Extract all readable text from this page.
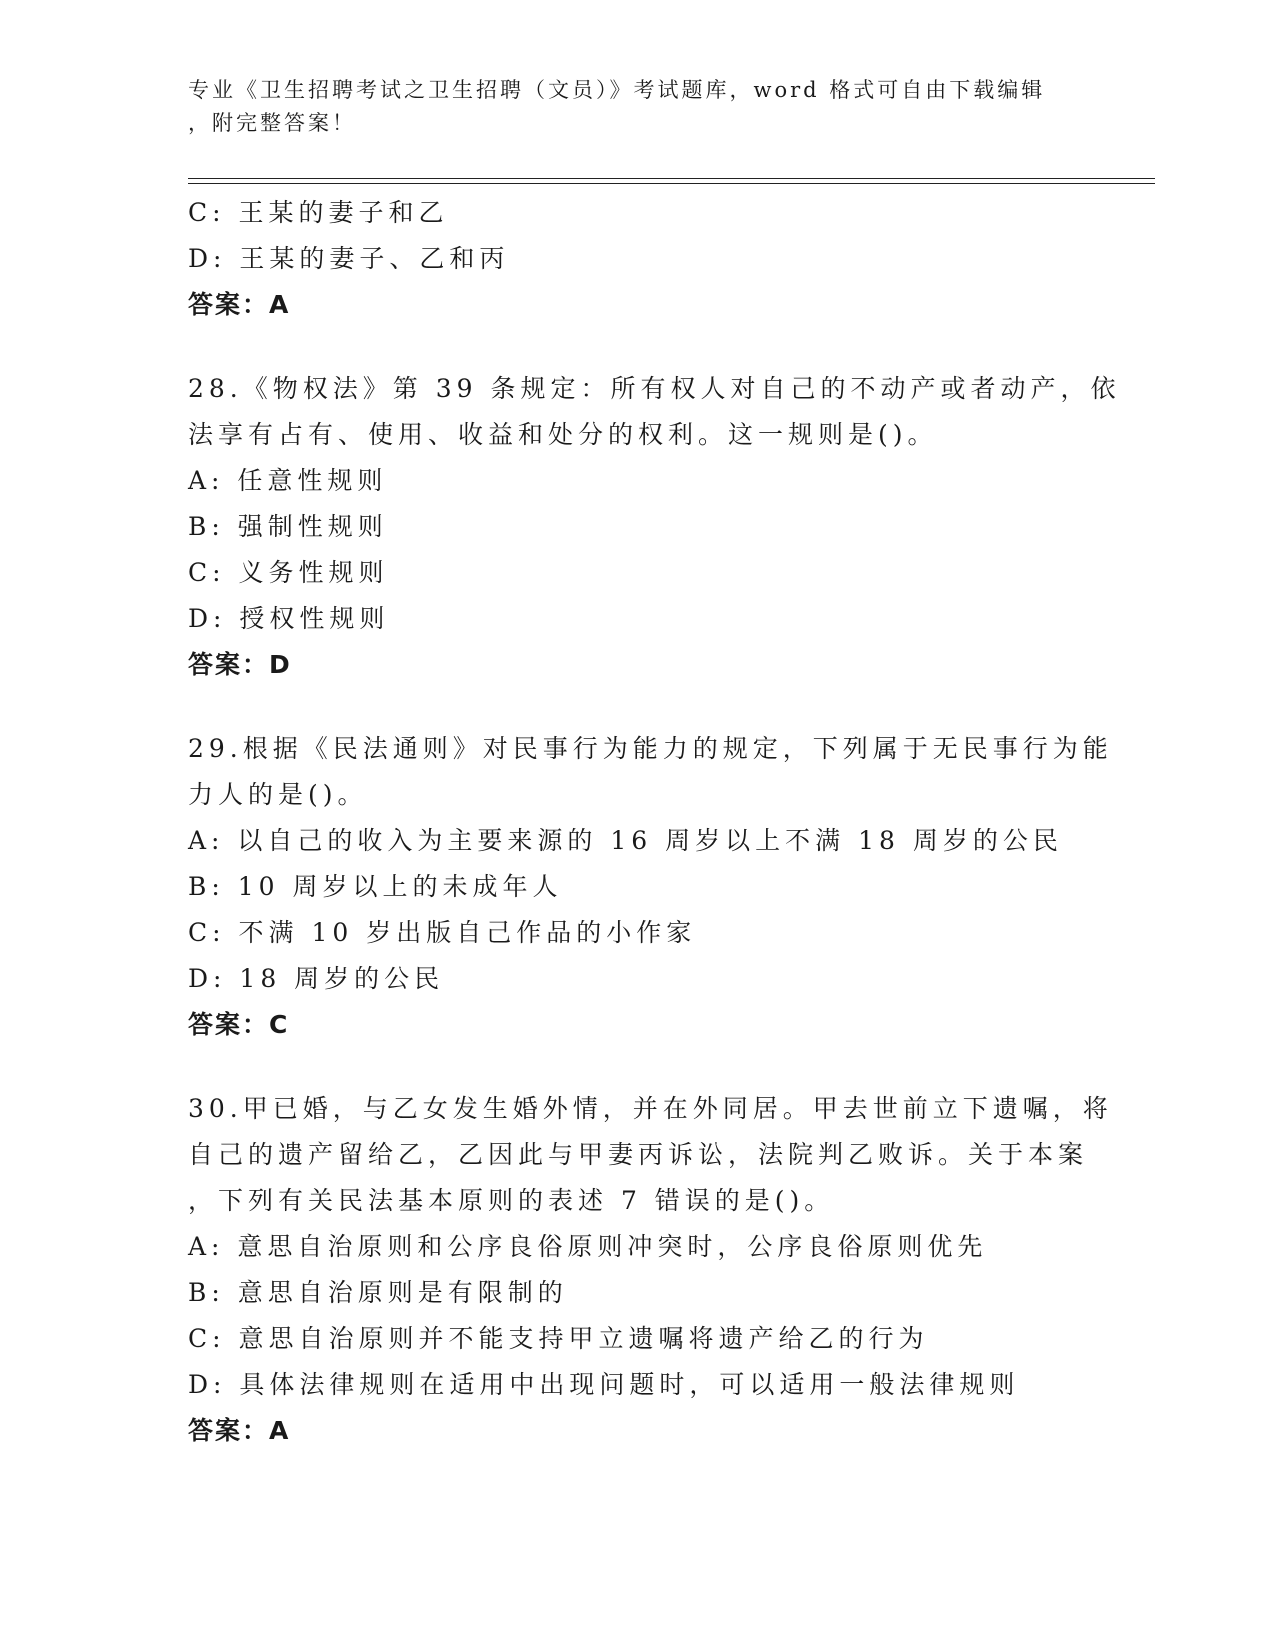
专业《卫生招聘考试之卫生招聘（文员）》考试题库，word 格式可自由下载编辑
，附完整答案！
C: 王某的妻子和乙
D: 王某的妻子、乙和丙
答案：A
28.《物权法》第 39 条规定：所有权人对自己的不动产或者动产，依
法享有占有、使用、收益和处分的权利。这一规则是()。
A: 任意性规则
B: 强制性规则
C: 义务性规则
D: 授权性规则
答案：D
29.根据《民法通则》对民事行为能力的规定，下列属于无民事行为能
力人的是()。
A: 以自己的收入为主要来源的 16 周岁以上不满 18 周岁的公民
B: 10 周岁以上的未成年人
C: 不满 10 岁出版自己作品的小作家
D: 18 周岁的公民
答案：C
30.甲已婚，与乙女发生婚外情，并在外同居。甲去世前立下遗嘱，将
自己的遗产留给乙，乙因此与甲妻丙诉讼，法院判乙败诉。关于本案
，下列有关民法基本原则的表述 7 错误的是()。
A: 意思自治原则和公序良俗原则冲突时，公序良俗原则优先
B: 意思自治原则是有限制的
C: 意思自治原则并不能支持甲立遗嘱将遗产给乙的行为
D: 具体法律规则在适用中出现问题时，可以适用一般法律规则
答案：A
